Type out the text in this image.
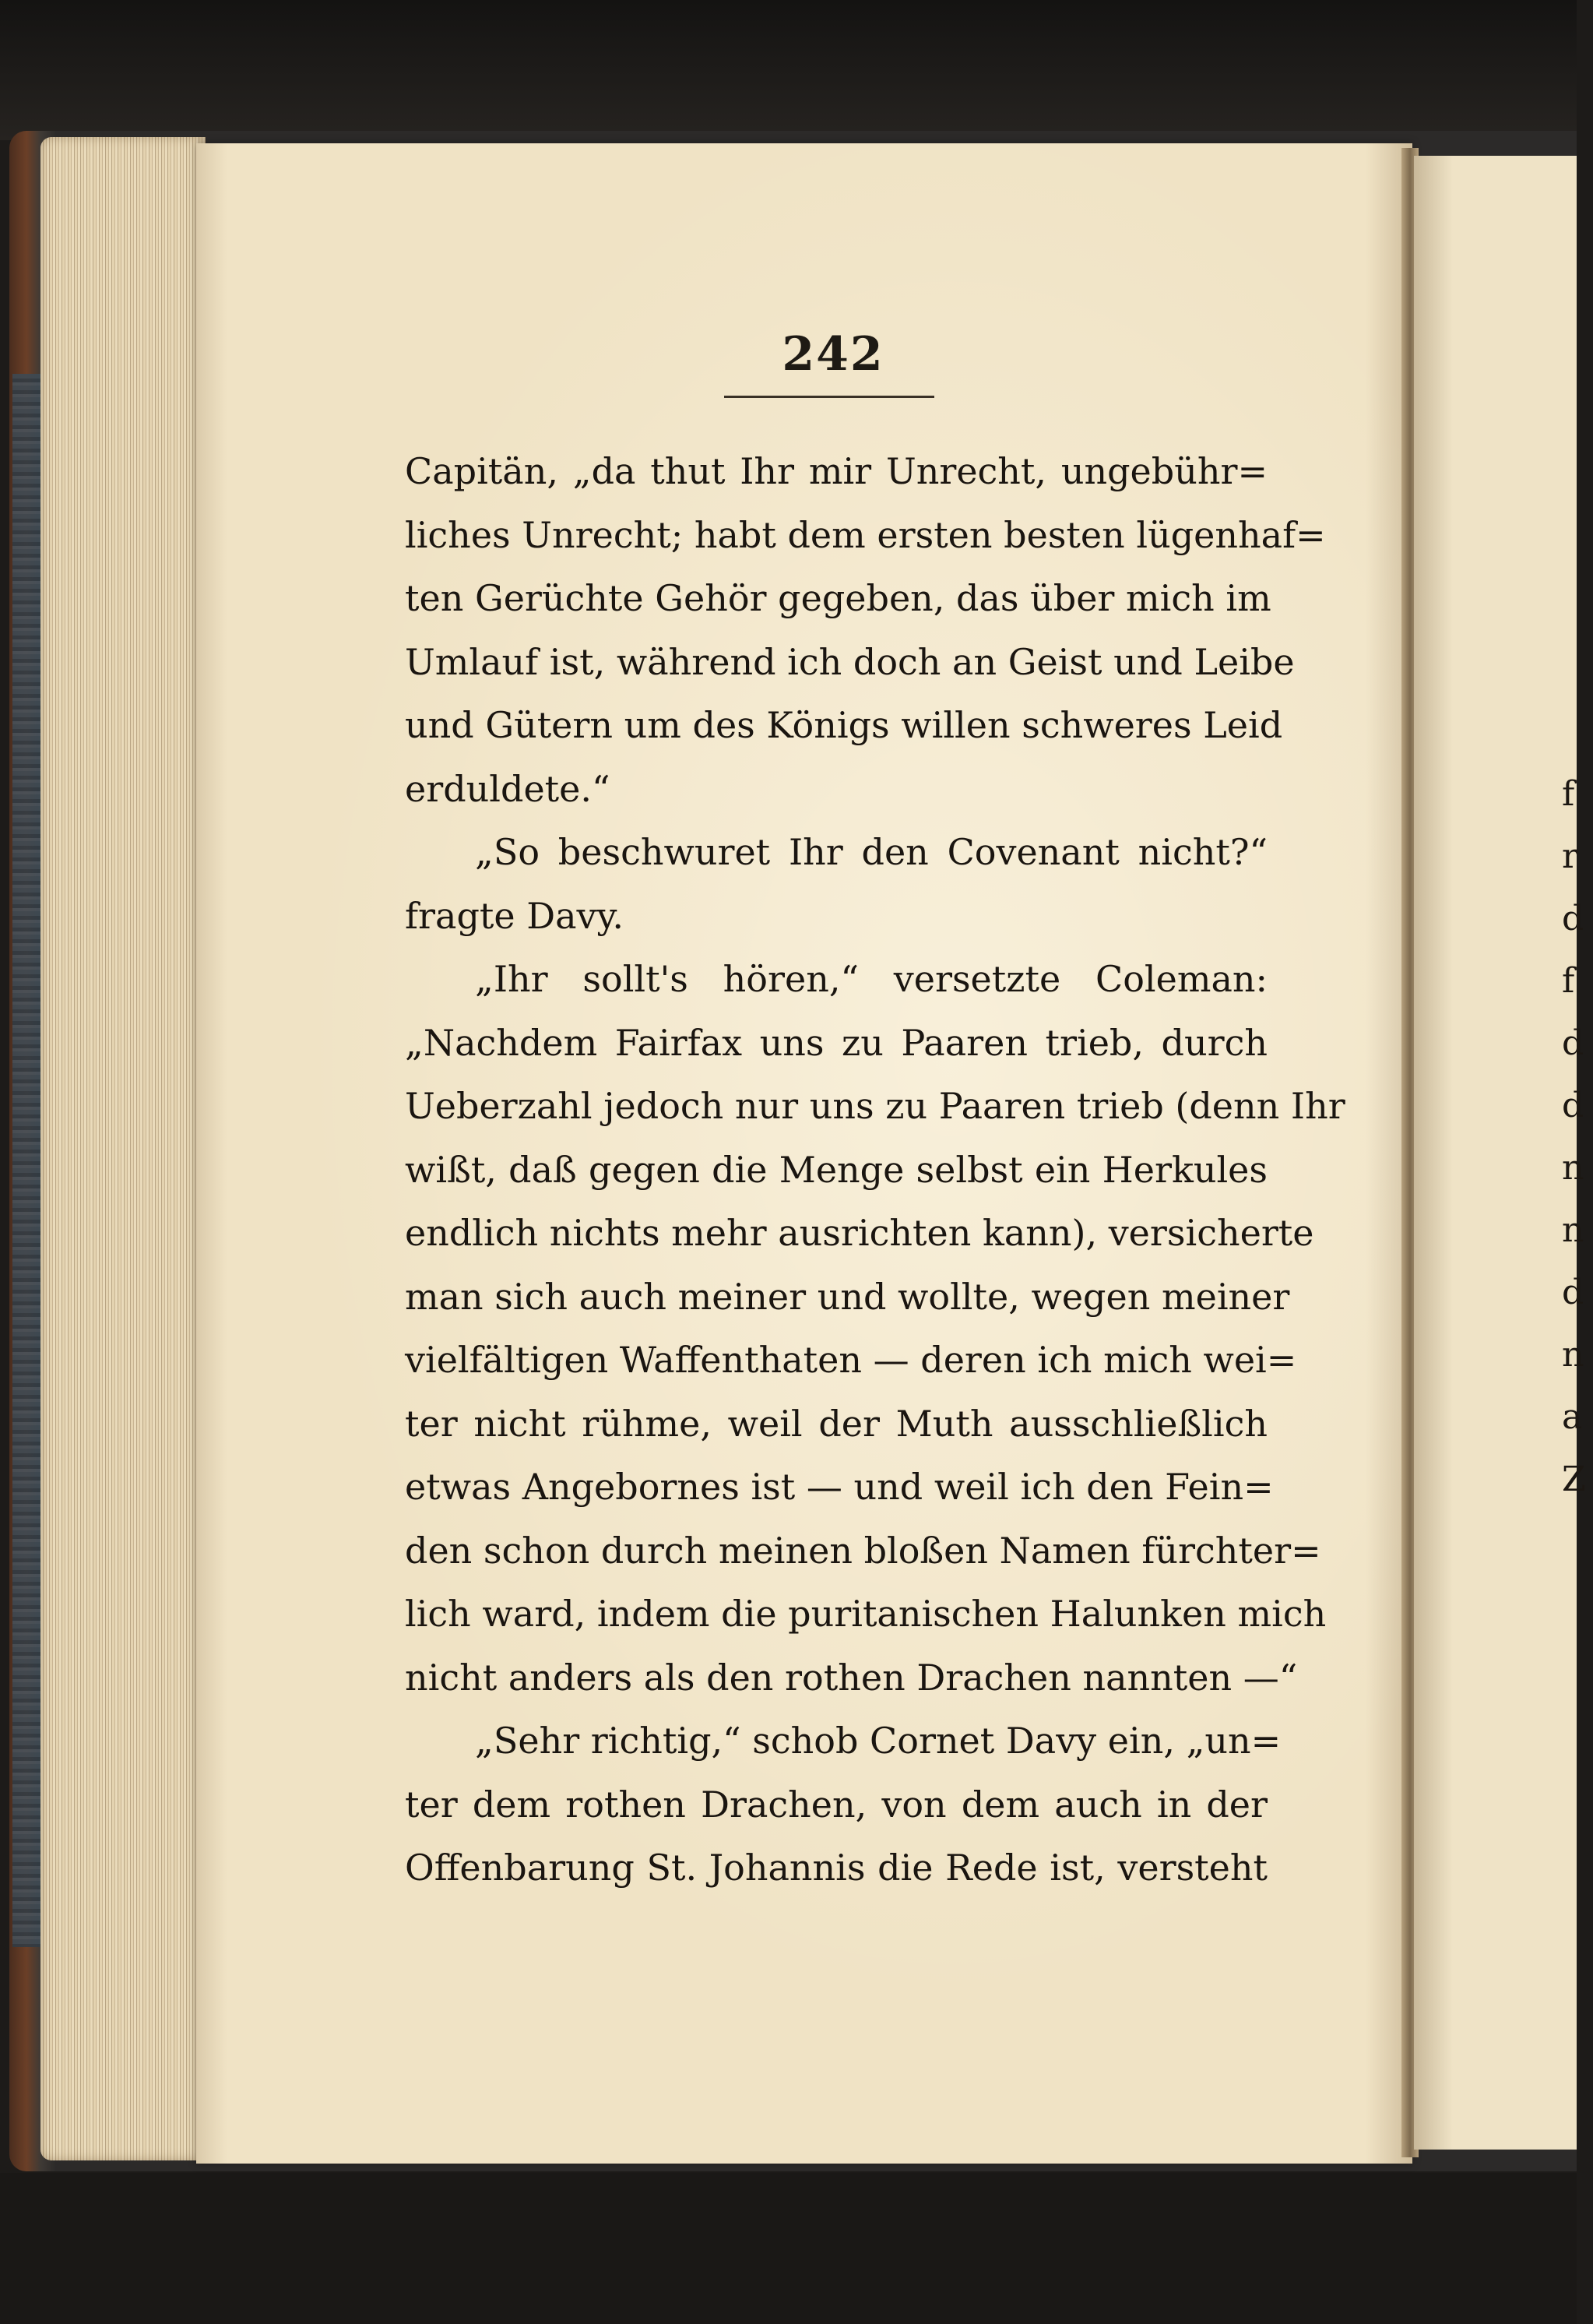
f
r
d
f
d
d
n
n
d
n
a
Z
242
Capitän, „da thut Ihr mir Unrecht, ungebühr=
liches Unrecht; habt dem ersten besten lügenhaf=
ten Gerüchte Gehör gegeben, das über mich im
Umlauf ist, während ich doch an Geist und Leibe
und Gütern um des Königs willen schweres Leid
erduldete.“
„So beschwuret Ihr den Covenant nicht?“
fragte Davy.
„Ihr sollt's hören,“ versetzte Coleman:
„Nachdem Fairfax uns zu Paaren trieb, durch
Ueberzahl jedoch nur uns zu Paaren trieb (denn Ihr
wißt, daß gegen die Menge selbst ein Herkules
endlich nichts mehr ausrichten kann), versicherte
man sich auch meiner und wollte, wegen meiner
vielfältigen Waffenthaten — deren ich mich wei=
ter nicht rühme, weil der Muth ausschließlich
etwas Angebornes ist — und weil ich den Fein=
den schon durch meinen bloßen Namen fürchter=
lich ward, indem die puritanischen Halunken mich
nicht anders als den rothen Drachen nannten —“
„Sehr richtig,“ schob Cornet Davy ein, „un=
ter dem rothen Drachen, von dem auch in der
Offenbarung St. Johannis die Rede ist, versteht
